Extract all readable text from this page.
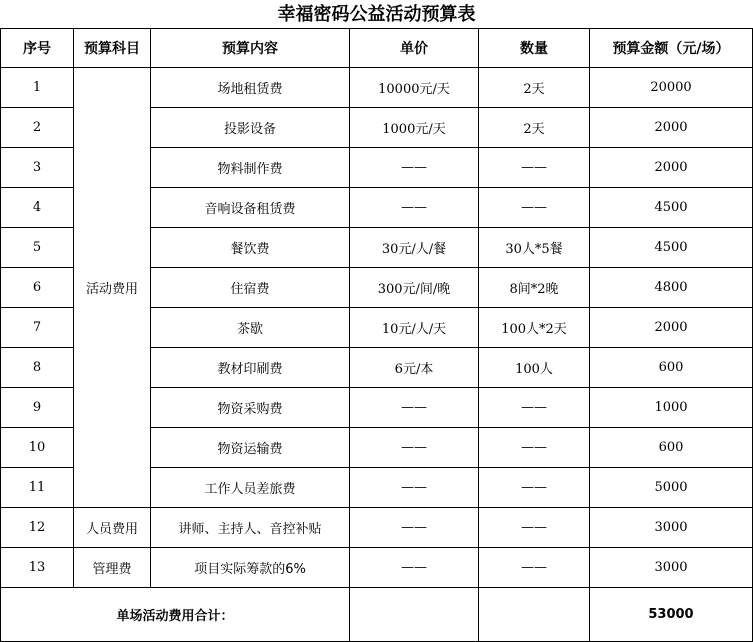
幸福密码公益活动预算表
序号	预算科目	预算内容	单价	数量	预算金额（元/场）
1	活动费用	场地租赁费	10000元/天	2天	20000
2		投影设备	1000元/天	2天	2000
3		物料制作费	——	——	2000
4		音响设备租赁费	——	——	4500
5		餐饮费	30元/人/餐	30人*5餐	4500
6		住宿费	300元/间/晚	8间*2晚	4800
7		茶歇	10元/人/天	100人*2天	2000
8		教材印刷费	6元/本	100人	600
9		物资采购费	——	——	1000
10		物资运输费	——	——	600
11		工作人员差旅费	——	——	5000
12	人员费用	讲师、主持人、音控补贴	——	——	3000
13	管理费	项目实际筹款的6%	——	——	3000
单场活动费用合计：					53000
